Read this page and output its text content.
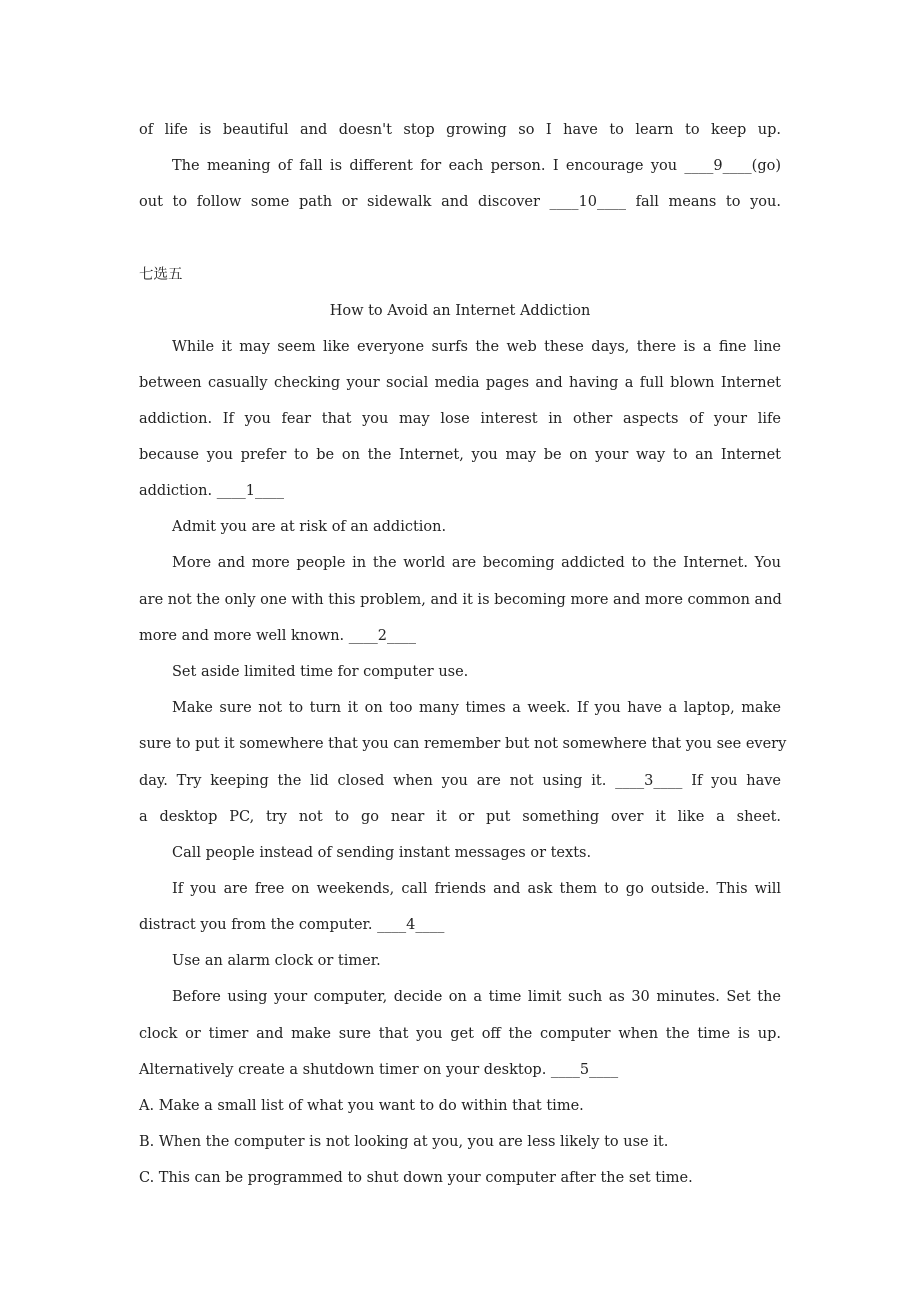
of life is beautiful and doesn't stop growing so I have to learn to keep up.
The meaning of fall is different for each person. I encourage you ____9____(go)
out to follow some path or sidewalk and discover ____10____ fall means to you.
七选五
How to Avoid an Internet Addiction
While it may seem like everyone surfs the web these days, there is a fine line
between casually checking your social media pages and having a full blown Internet
addiction. If you fear that you may lose interest in other aspects of your life
because you prefer to be on the Internet, you may be on your way to an Internet
addiction. ____1____
Admit you are at risk of an addiction.
More and more people in the world are becoming addicted to the Internet. You
are not the only one with this problem, and it is becoming more and more common and
more and more well known. ____2____
Set aside limited time for computer use.
Make sure not to turn it on too many times a week. If you have a laptop, make
sure to put it somewhere that you can remember but not somewhere that you see every
day. Try keeping the lid closed when you are not using it. ____3____ If you have
a desktop PC, try not to go near it or put something over it like a sheet.
Call people instead of sending instant messages or texts.
If you are free on weekends, call friends and ask them to go outside. This will
distract you from the computer. ____4____
Use an alarm clock or timer.
Before using your computer, decide on a time limit such as 30 minutes. Set the
clock or timer and make sure that you get off the computer when the time is up.
Alternatively create a shutdown timer on your desktop. ____5____
A. Make a small list of what you want to do within that time.
B. When the computer is not looking at you, you are less likely to use it.
C. This can be programmed to shut down your computer after the set time.
